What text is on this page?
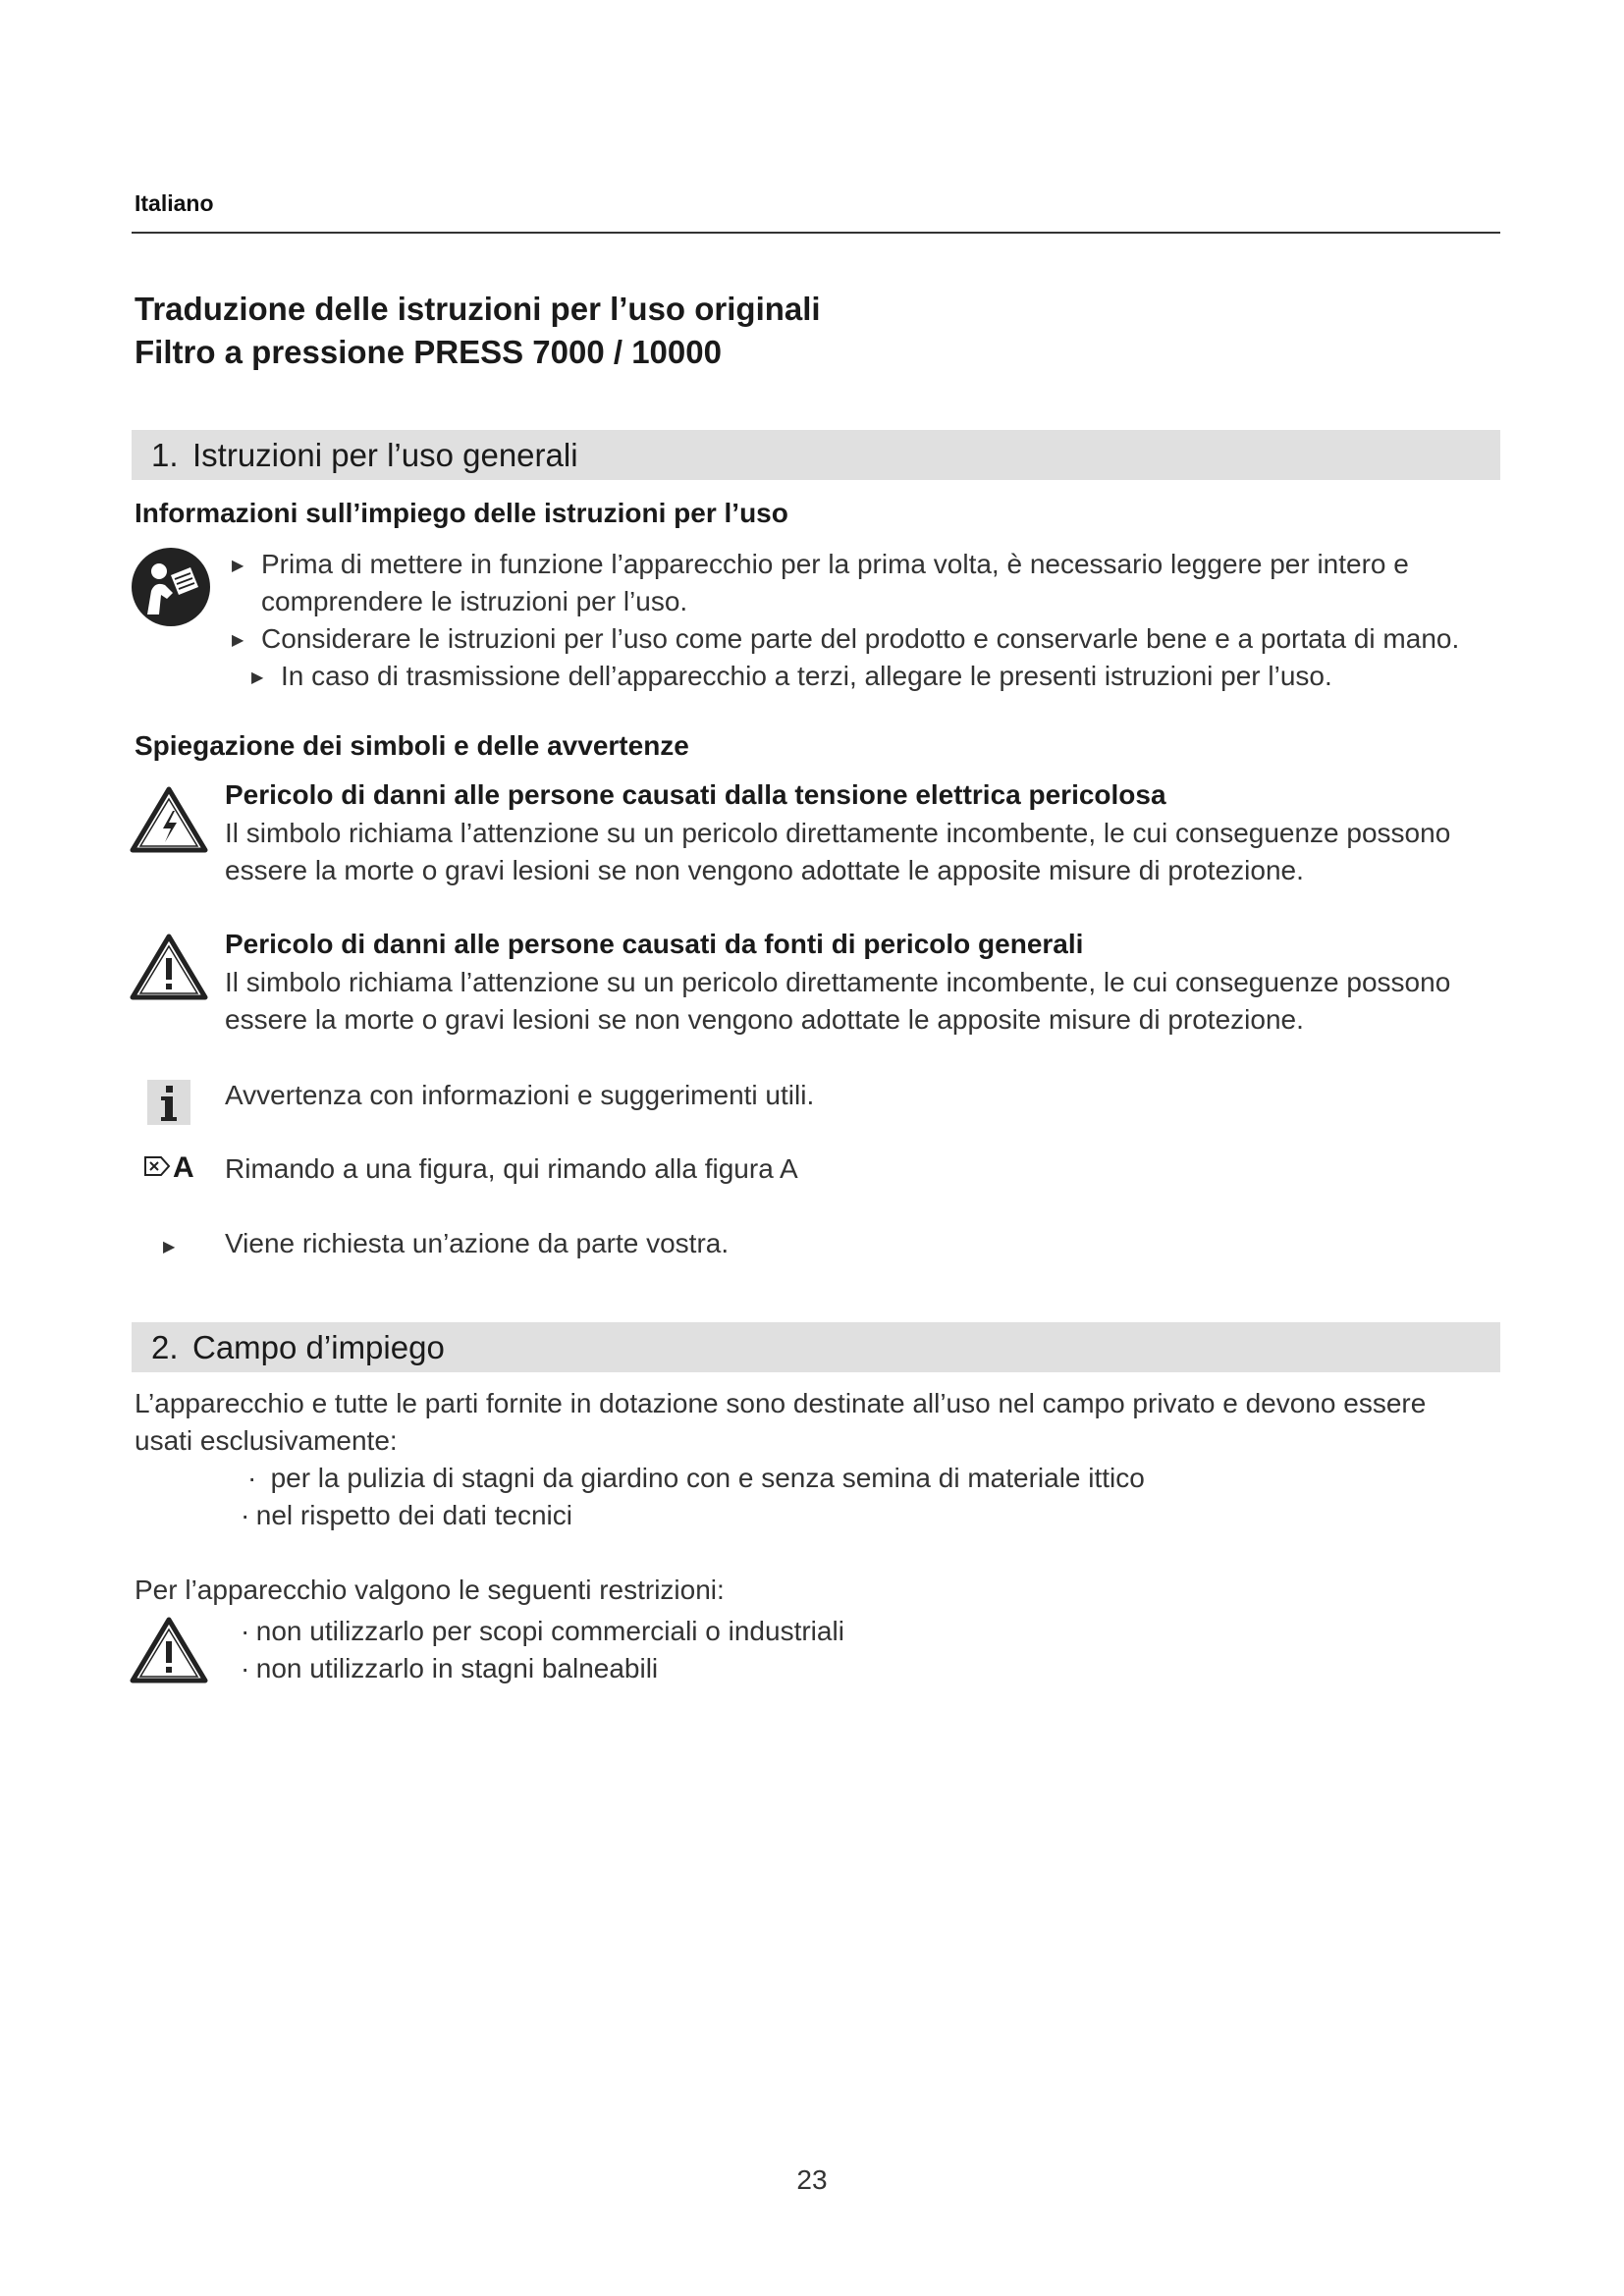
Italiano
Traduzione delle istruzioni per l’uso originali
Filtro a pressione PRESS 7000 / 10000
1. Istruzioni per l’uso generali
Informazioni sull’impiego delle istruzioni per l’uso
▶ Prima di mettere in funzione l’apparecchio per la prima volta, è necessario leggere per intero e
comprendere le istruzioni per l’uso.
▶ Considerare le istruzioni per l’uso come parte del prodotto e conservarle bene e a portata di mano.
▶ In caso di trasmissione dell’apparecchio a terzi, allegare le presenti istruzioni per l’uso.
Spiegazione dei simboli e delle avvertenze
Pericolo di danni alle persone causati dalla tensione elettrica pericolosa
Il simbolo richiama l’attenzione su un pericolo direttamente incombente, le cui conseguenze possono
essere la morte o gravi lesioni se non vengono adottate le apposite misure di protezione.
Pericolo di danni alle persone causati da fonti di pericolo generali
Il simbolo richiama l’attenzione su un pericolo direttamente incombente, le cui conseguenze possono
essere la morte o gravi lesioni se non vengono adottate le apposite misure di protezione.
Avvertenza con informazioni e suggerimenti utili.
A Rimando a una figura, qui rimando alla figura A
▶ Viene richiesta un’azione da parte vostra.
2. Campo d’impiego
L’apparecchio e tutte le parti fornite in dotazione sono destinate all’uso nel campo privato e devono essere
usati esclusivamente:
· per la pulizia di stagni da giardino con e senza semina di materiale ittico
· nel rispetto dei dati tecnici
Per l’apparecchio valgono le seguenti restrizioni:
· non utilizzarlo per scopi commerciali o industriali
· non utilizzarlo in stagni balneabili
23
